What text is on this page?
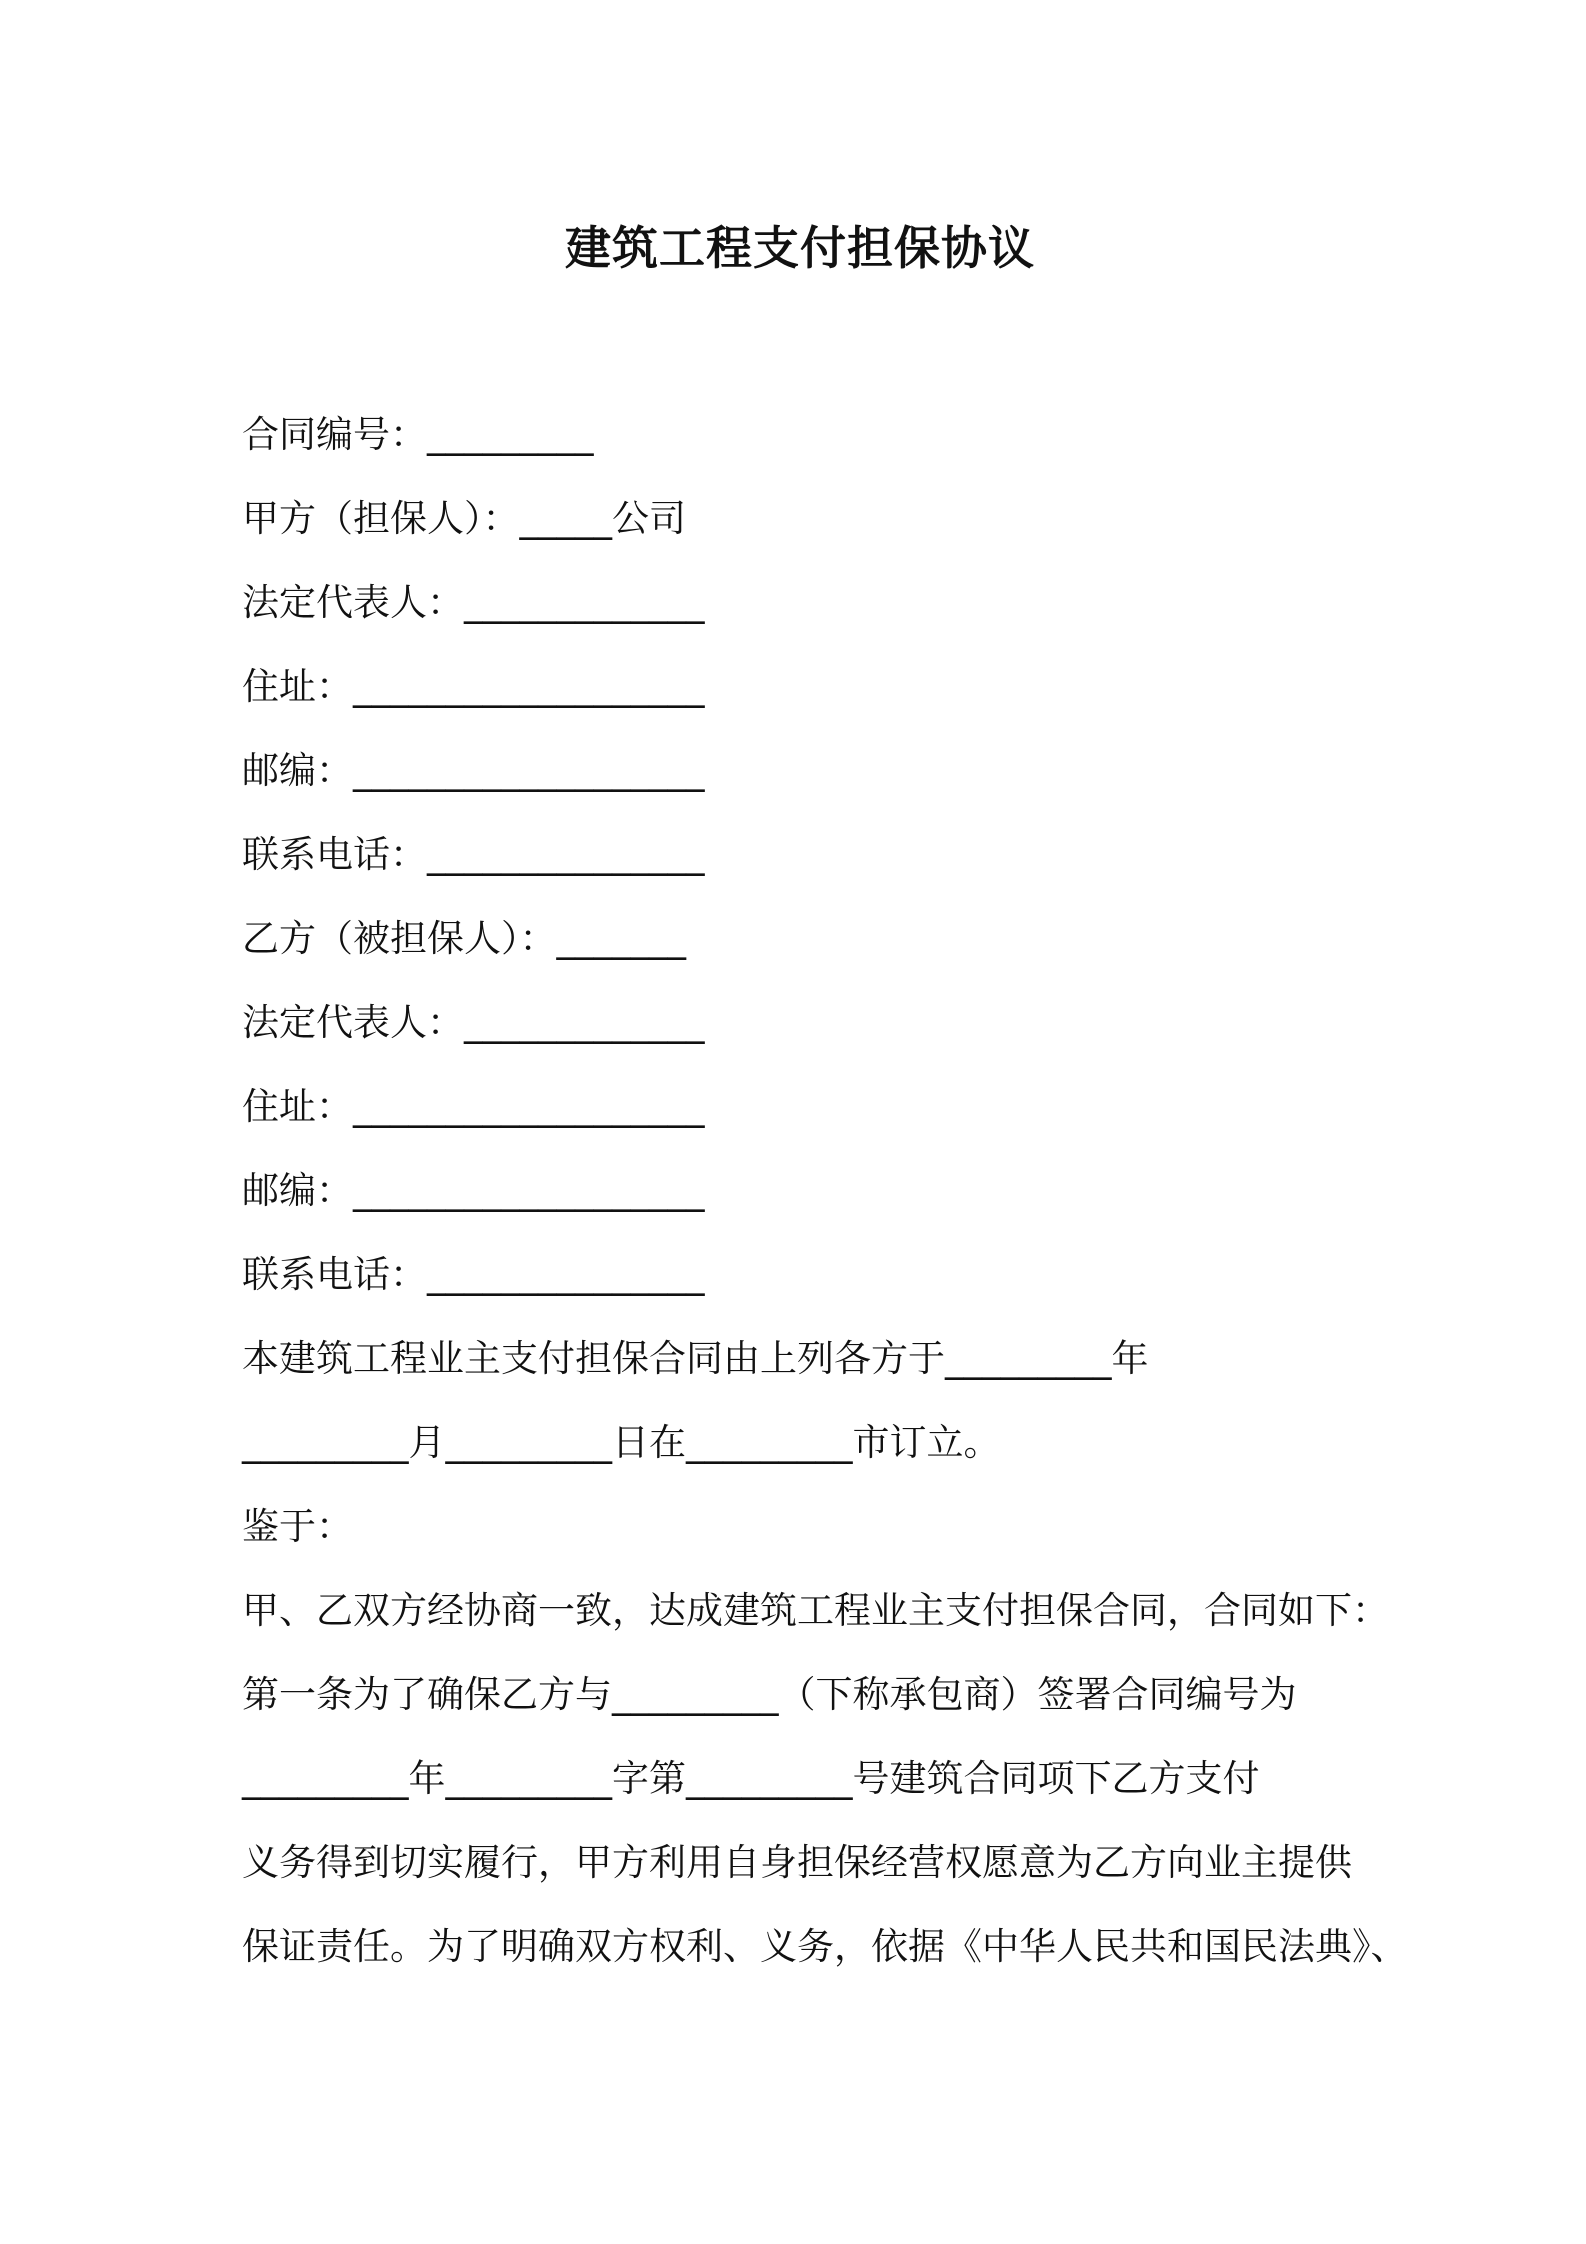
建筑工程支付担保协议
合同编号：_________
甲方（担保人）：_____公司
法定代表人：_____________
住址：___________________
邮编：___________________
联系电话：_______________
乙方（被担保人）：_______
法定代表人：_____________
住址：___________________
邮编：___________________
联系电话：_______________
本建筑工程业主支付担保合同由上列各方于_________年
_________月_________日在_________市订立。
鉴于：
甲、乙双方经协商一致，达成建筑工程业主支付担保合同，合同如下：
第一条为了确保乙方与_________（下称承包商）签署合同编号为
_________年_________字第_________号建筑合同项下乙方支付
义务得到切实履行，甲方利用自身担保经营权愿意为乙方向业主提供
保证责任。为了明确双方权利、义务，依据《中华人民共和国民法典》、
